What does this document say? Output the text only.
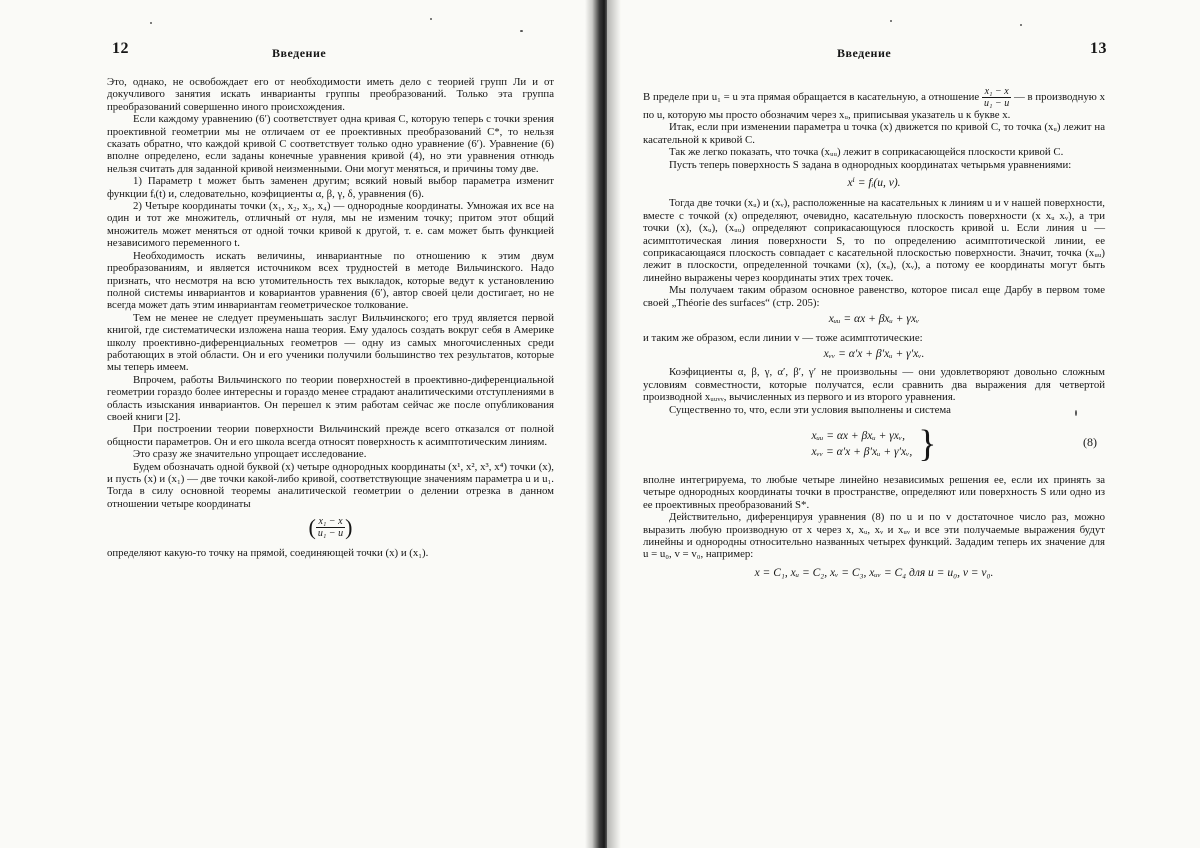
12	Введение

Это, однако, не освобождает его от необходимости иметь дело с теорией групп Ли и от докучливого занятия искать инварианты группы преобразований. Только эта группа преобразований совершенно иного происхождения.

Если каждому уравнению (6′) соответствует одна кривая C, которую теперь с точки зрения проективной геометрии мы не отличаем от ее проективных преобразований C*, то нельзя сказать обратно, что каждой кривой C соответствует только одно уравнение (6′). Уравнение (6) вполне определено, если заданы конечные уравнения кривой (4), но эти уравнения отнюдь нельзя считать для заданной кривой неизменными. Они могут меняться, и причины тому две.

1) Параметр t может быть заменен другим; всякий новый выбор параметра изменит функции fᵢ(t) и, следовательно, коэфициенты α, β, γ, δ, уравнения (6).

2) Четыре координаты точки (x₁, x₂, x₃, x₄) — однородные координаты. Умножая их все на один и тот же множитель, отличный от нуля, мы не изменим точку; притом этот общий множитель может меняться от одной точки кривой к другой, т. е. сам может быть функцией независимого переменного t.

Необходимость искать величины, инвариантные по отношению к этим двум преобразованиям, и является источником всех трудностей в методе Вильчинского. Надо признать, что несмотря на всю утомительность тех выкладок, которые ведут к установлению полной системы инвариантов и ковариантов уравнения (6′), автор своей цели достигает, но не всегда может дать этим инвариантам геометрическое толкование.

Тем не менее не следует преуменьшать заслуг Вильчинского; его труд является первой книгой, где систематически изложена наша теория. Ему удалось создать вокруг себя в Америке школу проективно-диференциальных геометров — одну из самых многочисленных среди работающих в этой области. Он и его ученики получили большинство тех результатов, которые мы теперь имеем.

Впрочем, работы Вильчинского по теории поверхностей в проективно-диференциальной геометрии гораздо более интересны и гораздо менее страдают аналитическими отступлениями в область изыскания инвариантов. Он перешел к этим работам сейчас же после опубликования своей книги [2].

При построении теории поверхности Вильчинский прежде всего отказался от полной общности параметров. Он и его школа всегда относят поверхность к асимптотическим линиям.

Это сразу же значительно упрощает исследование.

Будем обозначать одной буквой (x) четыре однородных координаты (x¹, x², x³, x⁴) точки (x), и пусть (x) и (x₁) — две точки какой-либо кривой, соответствующие значениям параметра u и u₁. Тогда в силу основной теоремы аналитической геометрии о делении отрезка в данном отношении четыре координаты

( $\frac{\text{x₁ − x}}{\text{u₁ − u}}$ )

определяют какую-то точку на прямой, соединяющей точки (x) и (x₁).

Введение	13

В пределе при u₁ = u эта прямая обращается в касательную, а отношение $\frac{\text{x₁ − x}}{\text{u₁ − u}}$ — в производную x по u, которую мы просто обозначим через xᵤ, приписывая указатель u к букве x.

Итак, если при изменении параметра u точка (x) движется по кривой C, то точка (xᵤ) лежит на касательной к кривой C.

Так же легко показать, что точка (xᵤᵤ) лежит в соприкасающейся плоскости кривой C.

Пусть теперь поверхность S задана в однородных координатах четырьмя уравнениями:

xⁱ = fᵢ(u, v).

Тогда две точки (xᵤ) и (xᵥ), расположенные на касательных к линиям u и v нашей поверхности, вместе с точкой (x) определяют, очевидно, касательную плоскость поверхности (x xᵤ xᵥ), а три точки (x), (xᵤ), (xᵤᵤ) определяют соприкасающуюся плоскость кривой u. Если линия u — асимптотическая линия поверхности S, то по определению асимптотической линии, ее соприкасающаяся плоскость совпадает с касательной плоскостью поверхности. Значит, точка (xᵤᵤ) лежит в плоскости, определенной точками (x), (xᵤ), (xᵥ), а потому ее координаты могут быть линейно выражены через координаты этих трех точек.

Мы получаем таким образом основное равенство, которое писал еще Дарбу в первом томе своей „Théorie des surfaces“ (стр. 205):

xᵤᵤ = αx + βxᵤ + γxᵥ

и таким же образом, если линии v — тоже асимптотические:

xᵥᵥ = α′x + β′xᵤ + γ′xᵥ.

Коэфициенты α, β, γ, α′, β′, γ′ не произвольны — они удовлетворяют довольно сложным условиям совместности, которые получатся, если сравнить два выражения для четвертой производной xᵤᵤᵥᵥ, вычисленных из первого и из второго уравнения.

Существенно то, что, если эти условия выполнены и система

xᵤᵤ = αx + βxᵤ + γxᵥ,
xᵥᵥ = α′x + β′xᵤ + γ′xᵥ, }	(8)

вполне интегрируема, то любые четыре линейно независимых решения ее, если их принять за четыре однородных координаты точки в пространстве, определяют или поверхность S или одно из ее проективных преобразований S*.

Действительно, диференцируя уравнения (8) по u и по v достаточное число раз, можно выразить любую производную от x через x, xᵤ, xᵥ и xᵤᵥ и все эти получаемые выражения будут линейны и однородны относительно названных четырех функций. Зададим теперь их значение для u = u₀, v = v₀, например:

x = C₁, xᵤ = C₂, xᵥ = C₃, xᵤᵥ = C₄ для u = u₀, v = v₀.
